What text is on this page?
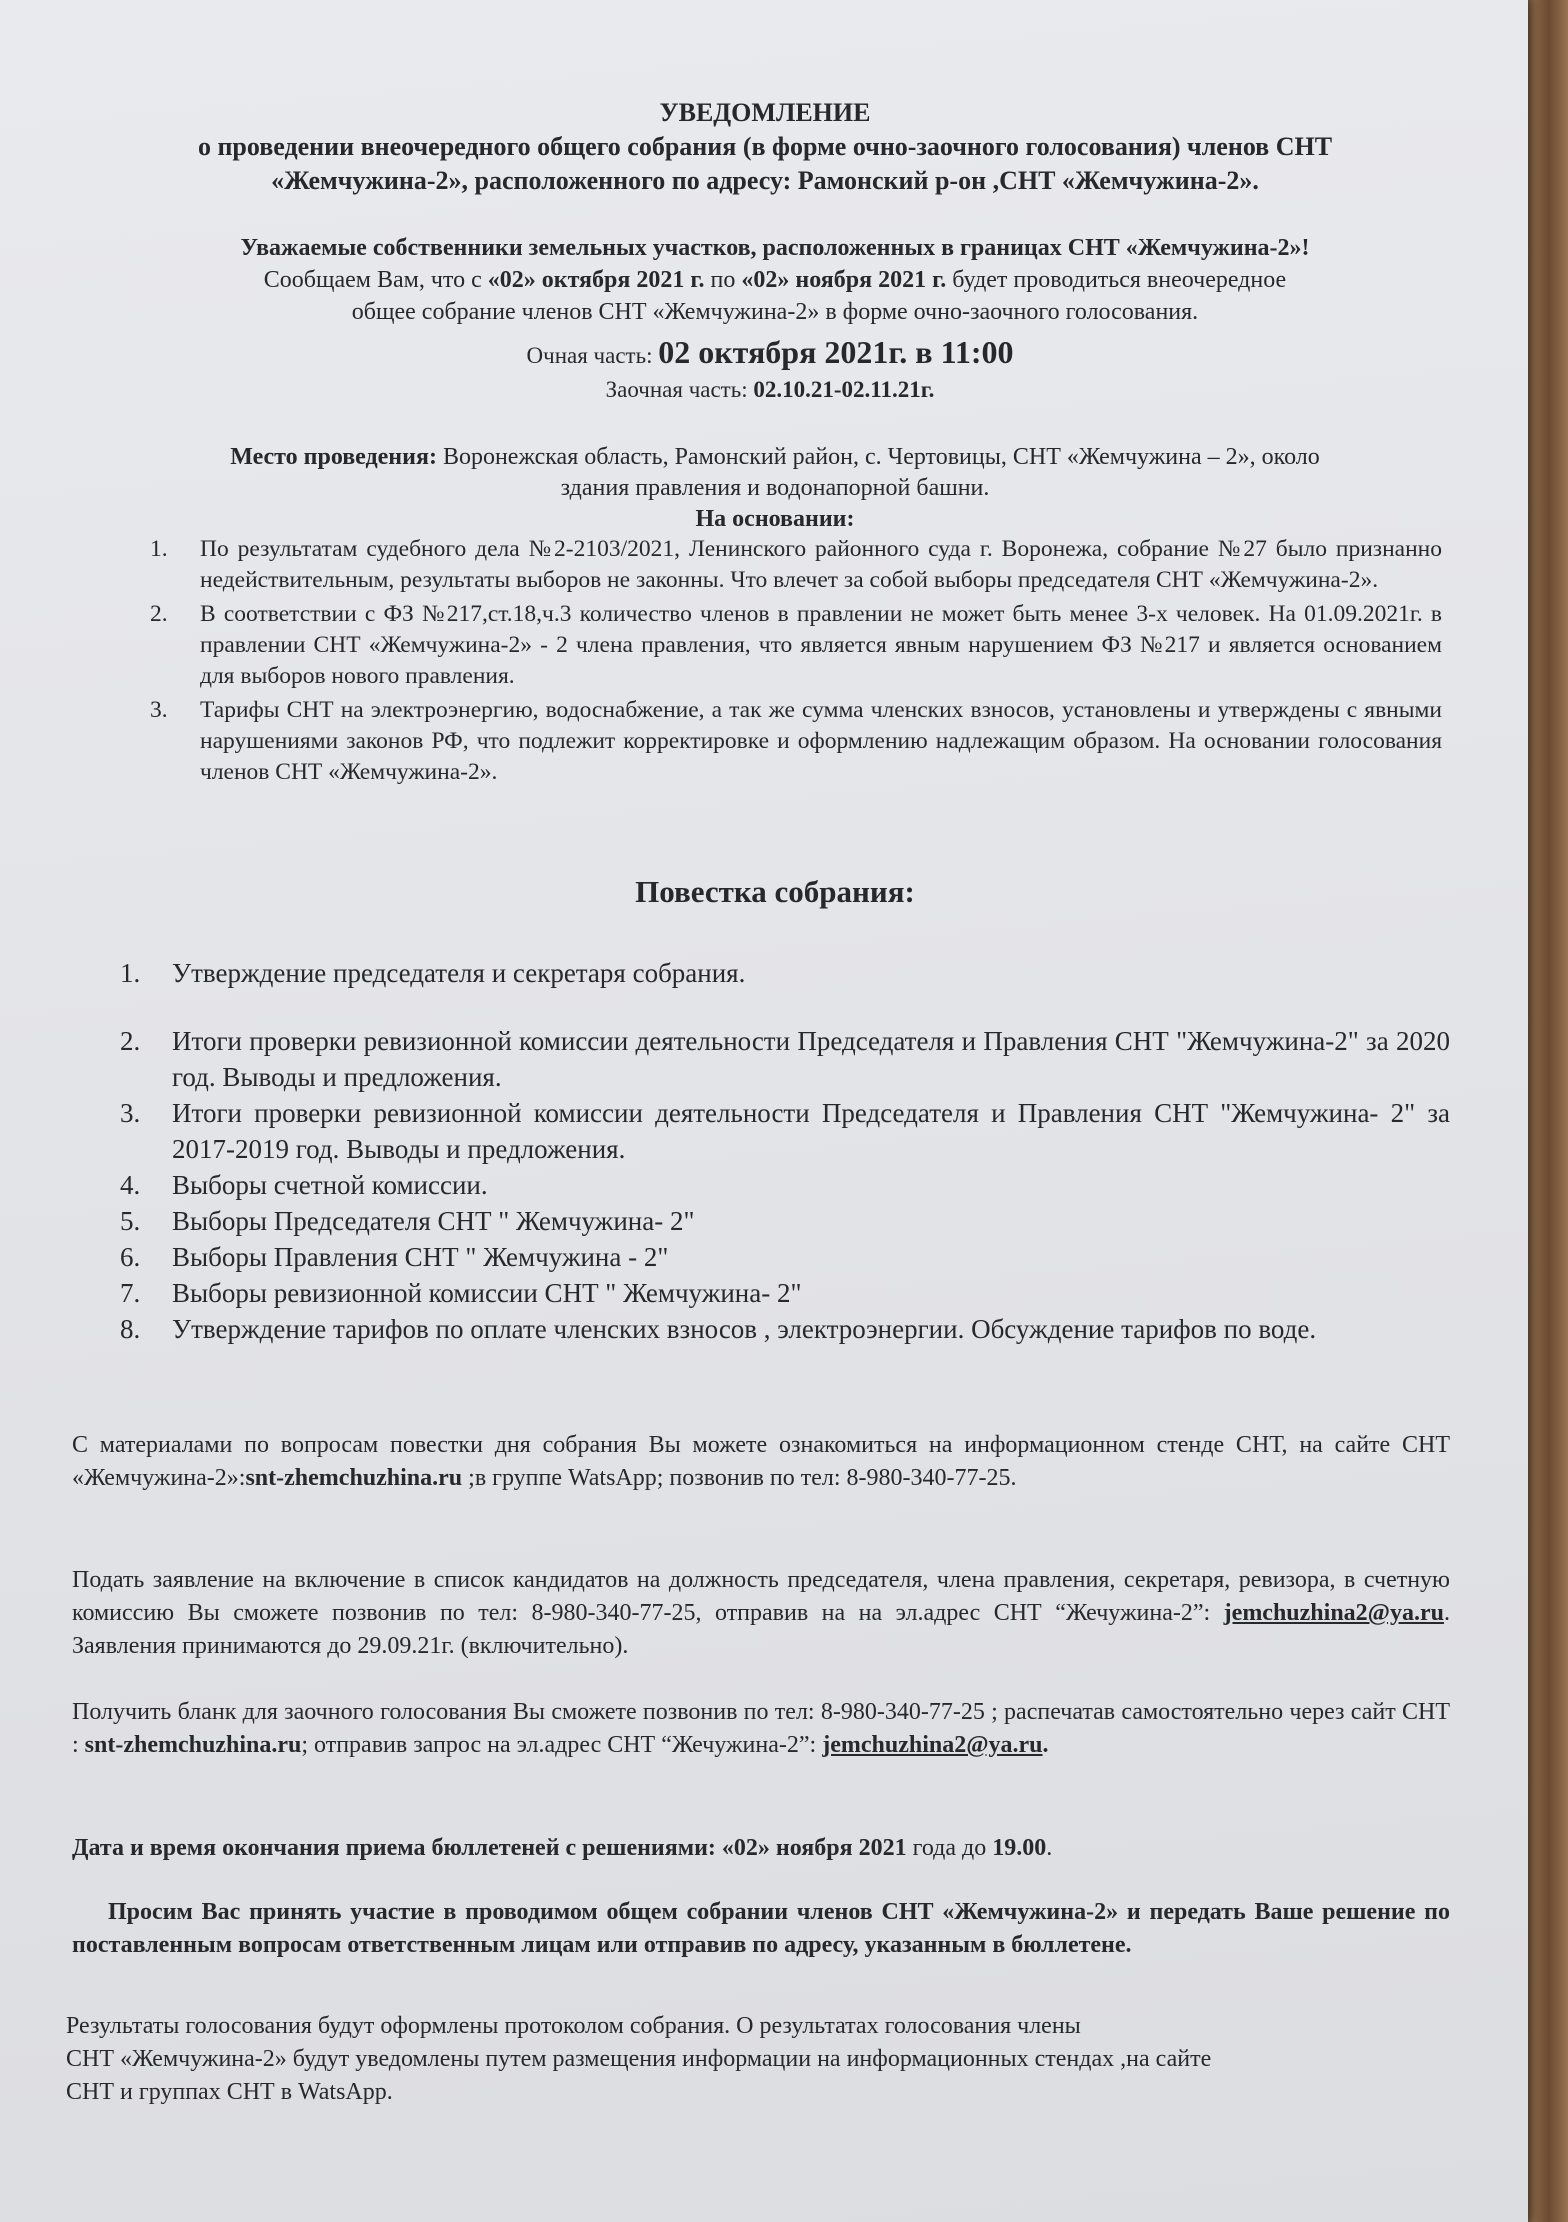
УВЕДОМЛЕНИЕ

о проведении внеочередного общего собрания (в форме очно-заочного голосования) членов СНТ

«Жемчужина-2», расположенного по адресу: Рамонский р-он ,СНТ «Жемчужина-2».

Уважаемые собственники земельных участков, расположенных в границах СНТ «Жемчужина-2»!

Сообщаем Вам, что с «02» октября 2021 г. по «02» ноября 2021 г. будет проводиться внеочередное

общее собрание членов СНТ «Жемчужина-2» в форме очно-заочного голосования.

Очная часть: 02 октября 2021г. в 11:00

Заочная часть: 02.10.21-02.11.21г.

Место проведения: Воронежская область, Рамонский район, с. Чертовицы, СНТ «Жемчужина – 2», около

здания правления и водонапорной башни.

На основании:

1. По результатам судебного дела №2-2103/2021, Ленинского районного суда г. Воронежа, собрание №27 было признанно недействительным, результаты выборов не законны. Что влечет за собой выборы председателя СНТ «Жемчужина-2».
2. В соответствии с ФЗ №217,ст.18,ч.3 количество членов в правлении не может быть менее 3-х человек. На 01.09.2021г. в правлении СНТ «Жемчужина-2» - 2 члена правления, что является явным нарушением ФЗ №217 и является основанием для выборов нового правления.
3. Тарифы СНТ на электроэнергию, водоснабжение, а так же сумма членских взносов, установлены и утверждены с явными нарушениями законов РФ, что подлежит корректировке и оформлению надлежащим образом. На основании голосования членов СНТ «Жемчужина-2».
Повестка собрания:
1. Утверждение председателя и секретаря собрания.
2. Итоги проверки ревизионной комиссии деятельности Председателя и Правления СНТ "Жемчужина-2" за 2020 год. Выводы и предложения.
3. Итоги проверки ревизионной комиссии деятельности Председателя и Правления СНТ "Жемчужина- 2" за 2017-2019 год. Выводы и предложения.
4. Выборы счетной комиссии.
5. Выборы Председателя СНТ " Жемчужина- 2"
6. Выборы Правления СНТ " Жемчужина - 2"
7. Выборы ревизионной комиссии СНТ " Жемчужина- 2"
8. Утверждение тарифов по оплате членских взносов , электроэнергии. Обсуждение тарифов по воде.

С материалами по вопросам повестки дня собрания Вы можете ознакомиться на информационном стенде СНТ, на сайте СНТ «Жемчужина-2»:snt-zhemchuzhina.ru ;в группе WatsApp; позвонив по тел: 8-980-340-77-25.

Подать заявление на включение в список кандидатов на должность председателя, члена правления, секретаря, ревизора, в счетную комиссию Вы сможете позвонив по тел: 8-980-340-77-25, отправив на на эл.адрес СНТ “Жечужина-2”: jemchuzhina2@ya.ru. Заявления принимаются до 29.09.21г. (включительно).

Получить бланк для заочного голосования Вы сможете позвонив по тел: 8-980-340-77-25 ; распечатав самостоятельно через сайт СНТ : snt-zhemchuzhina.ru; отправив запрос на эл.адрес СНТ “Жечужина-2”: jemchuzhina2@ya.ru.

Дата и время окончания приема бюллетеней с решениями: «02» ноября 2021 года до 19.00.

Просим Вас принять участие в проводимом общем собрании членов СНТ «Жемчужина-2» и передать Ваше решение по поставленным вопросам ответственным лицам или отправив по адресу, указанным в бюллетене.

Результаты голосования будут оформлены протоколом собрания. О результатах голосования члены

СНТ «Жемчужина-2» будут уведомлены путем размещения информации на информационных стендах ,на сайте

СНТ и группах СНТ в WatsApp.
